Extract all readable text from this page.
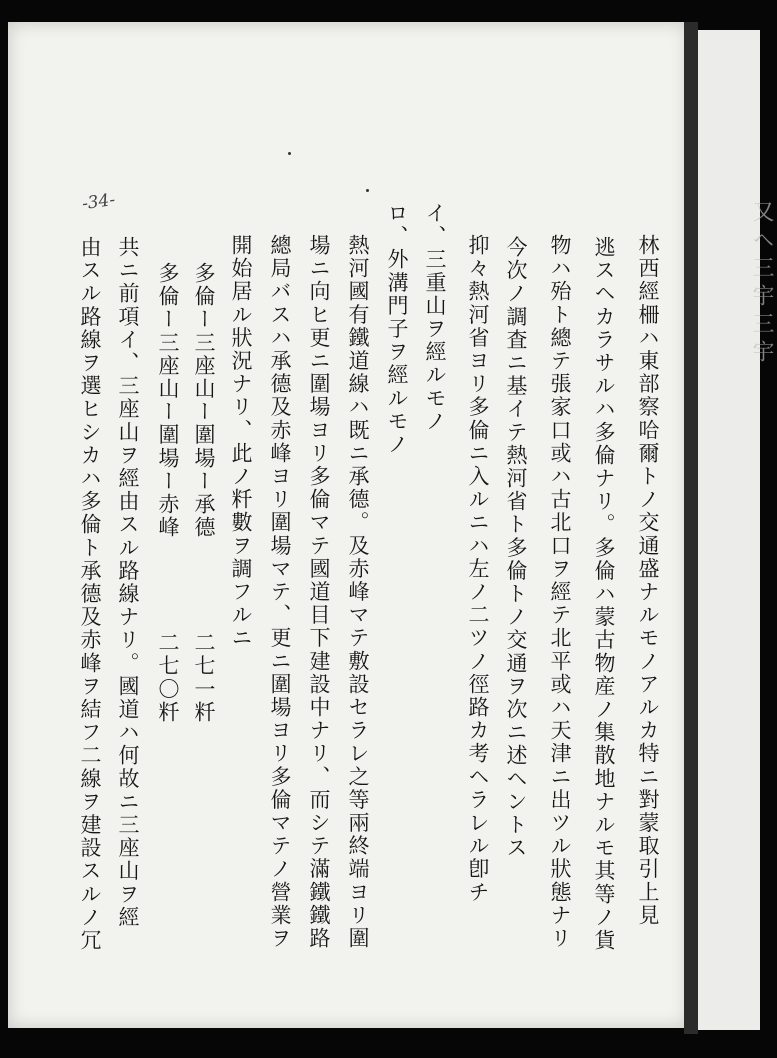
又ヘ三宇三宇
-34-
林西經柵ハ東部察哈爾トノ交通盛ナルモノアルカ特ニ對蒙取引上見
逃スヘカラサルハ多倫ナリ。多倫ハ蒙古物産ノ集散地ナルモ其等ノ貨
物ハ殆ト總テ張家口或ハ古北口ヲ經テ北平或ハ天津ニ出ツル狀態ナリ
今次ノ調査ニ基イテ熱河省ト多倫トノ交通ヲ次ニ述ヘントス
抑々熱河省ヨリ多倫ニ入ルニハ左ノ二ツノ徑路カ考ヘラレル卽チ
イ、三重山ヲ經ルモノ
ロ、外溝門子ヲ經ルモノ
熱河國有鐵道線ハ既ニ承德。及赤峰マテ敷設セラレ之等兩終端ヨリ圍
場ニ向ヒ更ニ圍場ヨリ多倫マテ國道目下建設中ナリ、而シテ滿鐵鐵路
總局バスハ承德及赤峰ヨリ圍場マテ、更ニ圍場ヨリ多倫マテノ營業ヲ
開始居ル狀況ナリ、此ノ粁數ヲ調フルニ
多倫ー三座山ー圍場ー承德　　　　二七一粁
多倫ー三座山ー圍場ー赤峰　　　　二七〇粁
共ニ前項イ、三座山ヲ經由スル路線ナリ。國道ハ何故ニ三座山ヲ經
由スル路線ヲ選ヒシカハ多倫ト承德及赤峰ヲ結フ二線ヲ建設スルノ冗
